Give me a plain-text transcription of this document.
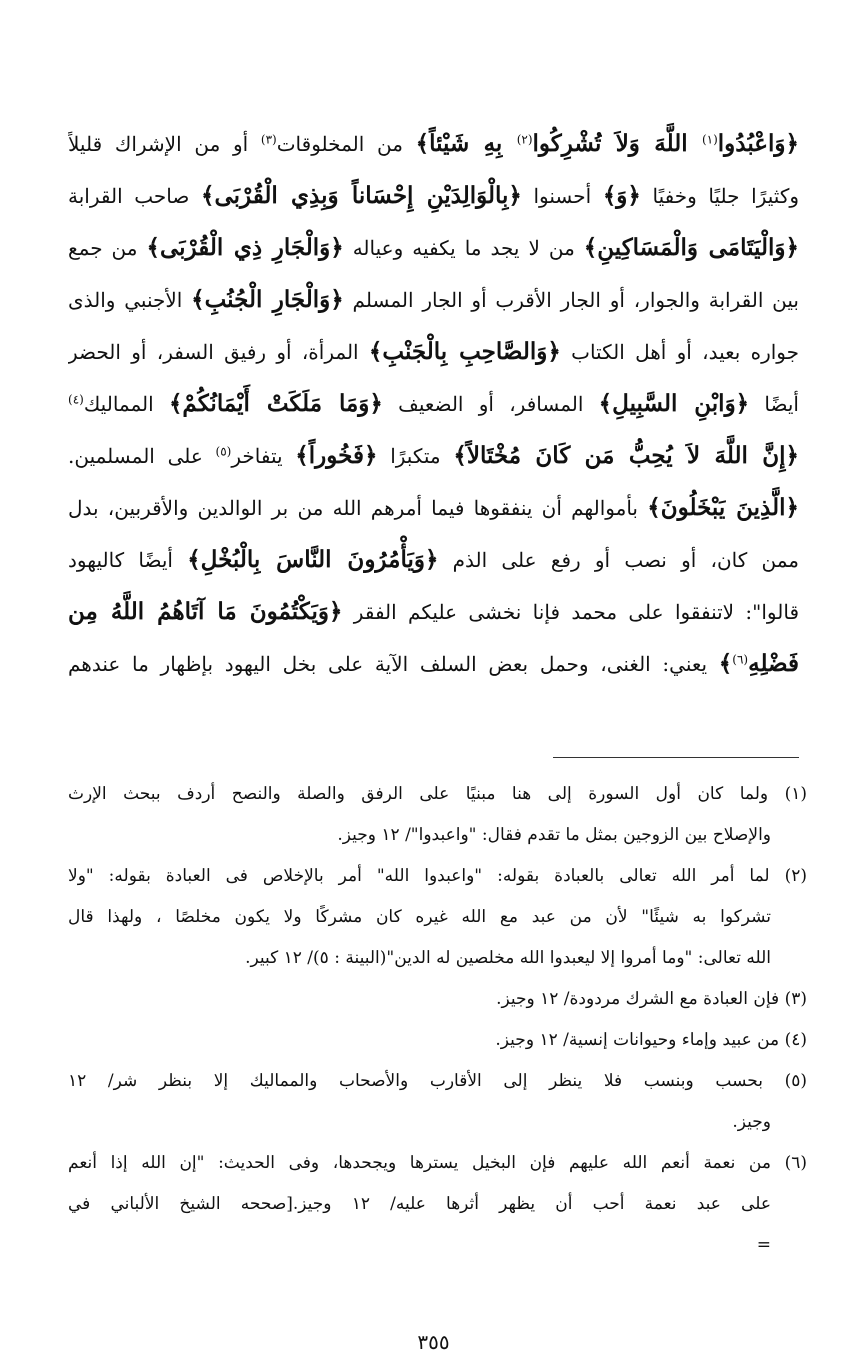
﴿وَاعْبُدُوا$^{(١)}$ اللَّهَ وَلاَ تُشْرِكُوا$^{(٢)}$ بِهِ شَيْئاً﴾ من المخلوقات$^{(٣)}$ أو من الإشراك قليلاً
وكثيرًا جليًا وخفيًا ﴿وَ﴾ أحسنوا ﴿بِالْوَالِدَيْنِ إِحْسَاناً وَبِذِي الْقُرْبَى﴾ صاحب القرابة
﴿وَالْيَتَامَى وَالْمَسَاكِينِ﴾ من لا يجد ما يكفيه وعياله ﴿وَالْجَارِ ذِي الْقُرْبَى﴾ من جمع
بين القرابة والجوار، أو الجار الأقرب أو الجار المسلم ﴿وَالْجَارِ الْجُنُبِ﴾ الأجنبي والذى
جواره بعيد، أو أهل الكتاب ﴿وَالصَّاحِبِ بِالْجَنْبِ﴾ المرأة، أو رفيق السفر، أو الحضر
أيضًا ﴿وَابْنِ السَّبِيلِ﴾ المسافر، أو الضعيف ﴿وَمَا مَلَكَتْ أَيْمَانُكُمْ﴾ المماليك$^{(٤)}$
﴿إِنَّ اللَّهَ لاَ يُحِبُّ مَن كَانَ مُخْتَالاً﴾ متكبرًا ﴿فَخُوراً﴾ يتفاخر$^{(٥)}$ على المسلمين.
﴿الَّذِينَ يَبْخَلُونَ﴾ بأموالهم أن ينفقوها فيما أمرهم الله من بر الوالدين والأقربين، بدل
ممن كان، أو نصب أو رفع على الذم ﴿وَيَأْمُرُونَ النَّاسَ بِالْبُخْلِ﴾ أيضًا كاليهود
قالوا": لاتنفقوا على محمد فإنا نخشى عليكم الفقر ﴿وَيَكْتُمُونَ مَا آتَاهُمُ اللَّهُ مِن
فَضْلِهِ$^{(٦)}$﴾ يعني: الغنى، وحمل بعض السلف الآية على بخل اليهود بإظهار ما عندهم
(١) ولما كان أول السورة إلى هنا مبنيًا على الرفق والصلة والنصح أردف ببحث الإرث
والإصلاح بين الزوجين بمثل ما تقدم فقال: "واعبدوا"/ ١٢ وجيز.
(٢) لما أمر الله تعالى بالعبادة بقوله: "واعبدوا الله" أمر بالإخلاص فى العبادة بقوله: "ولا
تشركوا به شيئًا" لأن من عبد مع الله غيره كان مشركًا ولا يكون مخلصًا ، ولهذا قال
الله تعالى: "وما أمروا إلا ليعبدوا الله مخلصين له الدين"(البينة : ٥)/ ١٢ كبير.
(٣) فإن العبادة مع الشرك مردودة/ ١٢ وجيز.
(٤) من عبيد وإماء وحيوانات إنسية/ ١٢ وجيز.
(٥) بحسب وبنسب فلا ينظر إلى الأقارب والأصحاب والمماليك إلا بنظر شر/ ١٢
وجيز.
(٦) من نعمة أنعم الله عليهم فإن البخيل يسترها ويجحدها، وفى الحديث: "إن الله إذا أنعم
على عبد نعمة أحب أن يظهر أثرها عليه/ ١٢ وجيز.[صححه الشيخ الألباني في
=
٣٥٥
